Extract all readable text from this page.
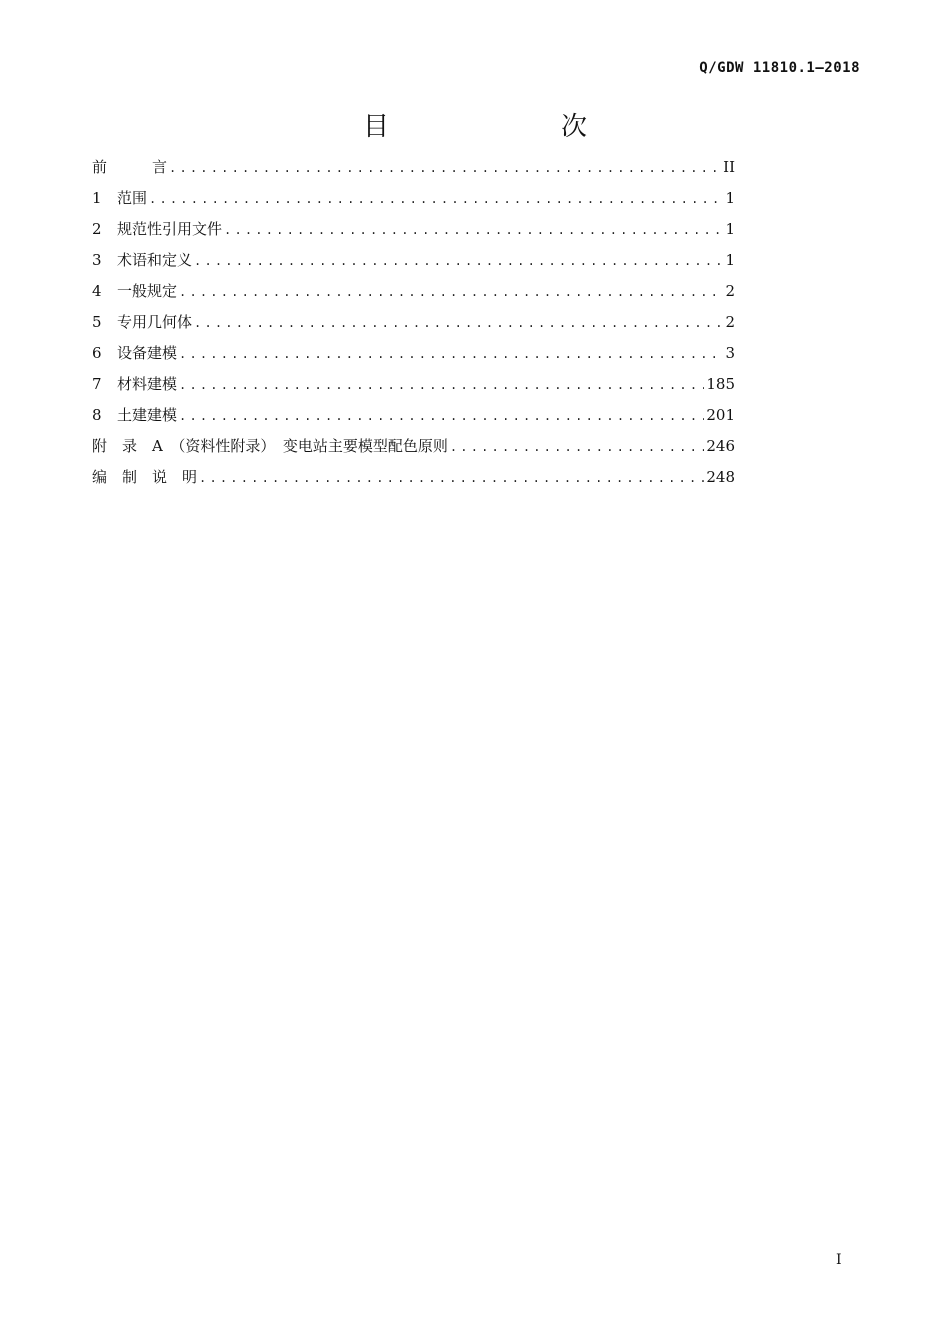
Q/GDW 11810.1—2018
目　　次
前　　　言 .....	II
1 范围 .....	1
2 规范性引用文件 .....	1
3 术语和定义 .....	1
4 一般规定 .....	2
5 专用几何体 .....	2
6 设备建模 .....	3
7 材料建模 .....	185
8 土建建模 .....	201
附　录　A　（资料性附录）　变电站主要模型配色原则 .....	246
编　制　说　明 .....	248
I
